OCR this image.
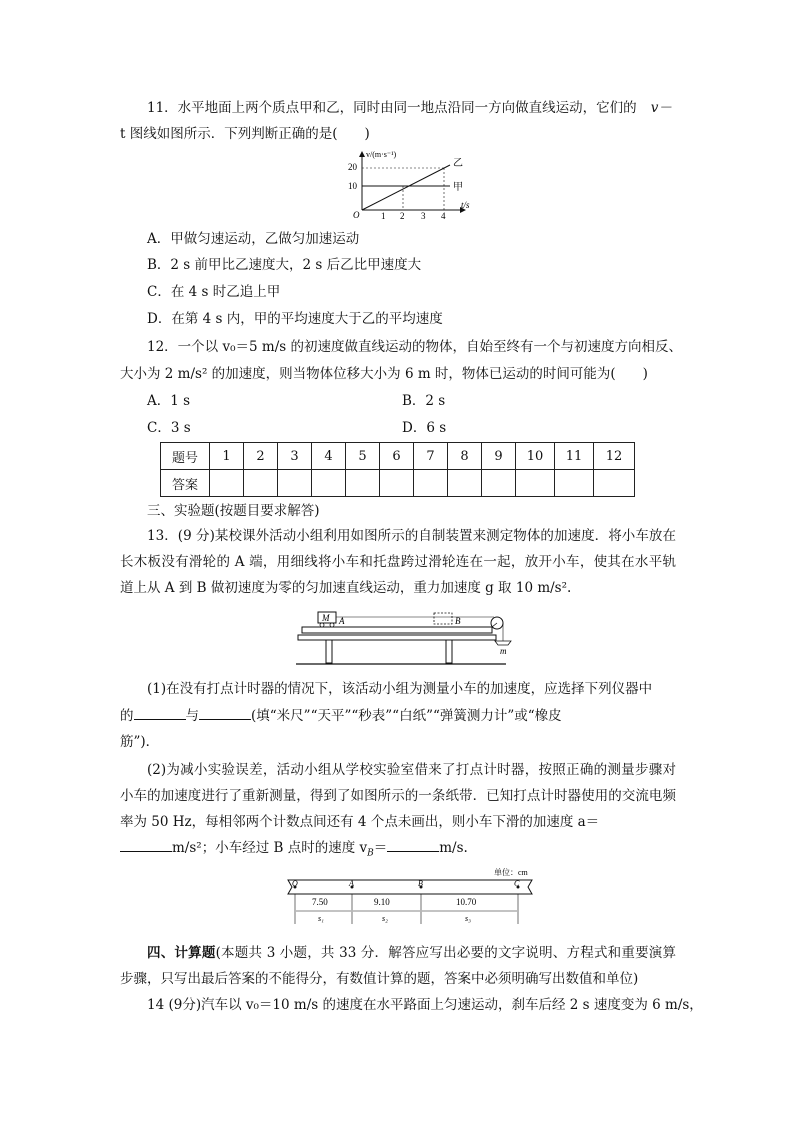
11．水平地面上两个质点甲和乙，同时由同一地点沿同一方向做直线运动，它们的 v－
t 图线如图所示．下列判断正确的是(　　)
v/(m·s⁻¹)
t/s
O
10
20
1 2 3 4
甲
乙
A．甲做匀速运动，乙做匀加速运动
B．2 s 前甲比乙速度大，2 s 后乙比甲速度大
C．在 4 s 时乙追上甲
D．在第 4 s 内，甲的平均速度大于乙的平均速度
12．一个以 v₀＝5 m/s 的初速度做直线运动的物体，自始至终有一个与初速度方向相反、
大小为 2 m/s² 的加速度，则当物体位移大小为 6 m 时，物体已运动的时间可能为(　　)
A．1 s	B．2 s
C．3 s	D．6 s
题号	1	2	3	4	5	6	7	8	9	10	11	12
答案												
三、实验题(按题目要求解答)
13．(9 分)某校课外活动小组利用如图所示的自制装置来测定物体的加速度．将小车放在长木板没有滑轮的 A 端，用细线将小车和托盘跨过滑轮连在一起，放开小车，使其在水平轨道上从 A 到 B 做初速度为零的匀加速直线运动，重力加速度 g 取 10 m/s².
M A	B
m
(1)在没有打点计时器的情况下，该活动小组为测量小车的加速度，应选择下列仪器中
的	与	(填“米尺”“天平”“秒表”“白纸”“弹簧测力计”或“橡皮
筋”)．
(2)为减小实验误差，活动小组从学校实验室借来了打点计时器，按照正确的测量步骤对小车的加速度进行了重新测量，得到了如图所示的一条纸带．已知打点计时器使用的交流电频率为 50 Hz，每相邻两个计数点间还有 4 个点未画出，则小车下滑的加速度 a＝
m/s²；小车经过 B 点时的速度 $v_B=$	m/s.
单位：cm
O	A	B	C
7.50	9.10	10.70
s₁	s₂	s₃
四、计算题(本题共 3 小题，共 33 分．解答应写出必要的文字说明、方程式和重要演算步骤，只写出最后答案的不能得分，有数值计算的题，答案中必须明确写出数值和单位)
14 (9分)汽车以 v₀＝10 m/s 的速度在水平路面上匀速运动，刹车后经 2 s 速度变为 6 m/s，
